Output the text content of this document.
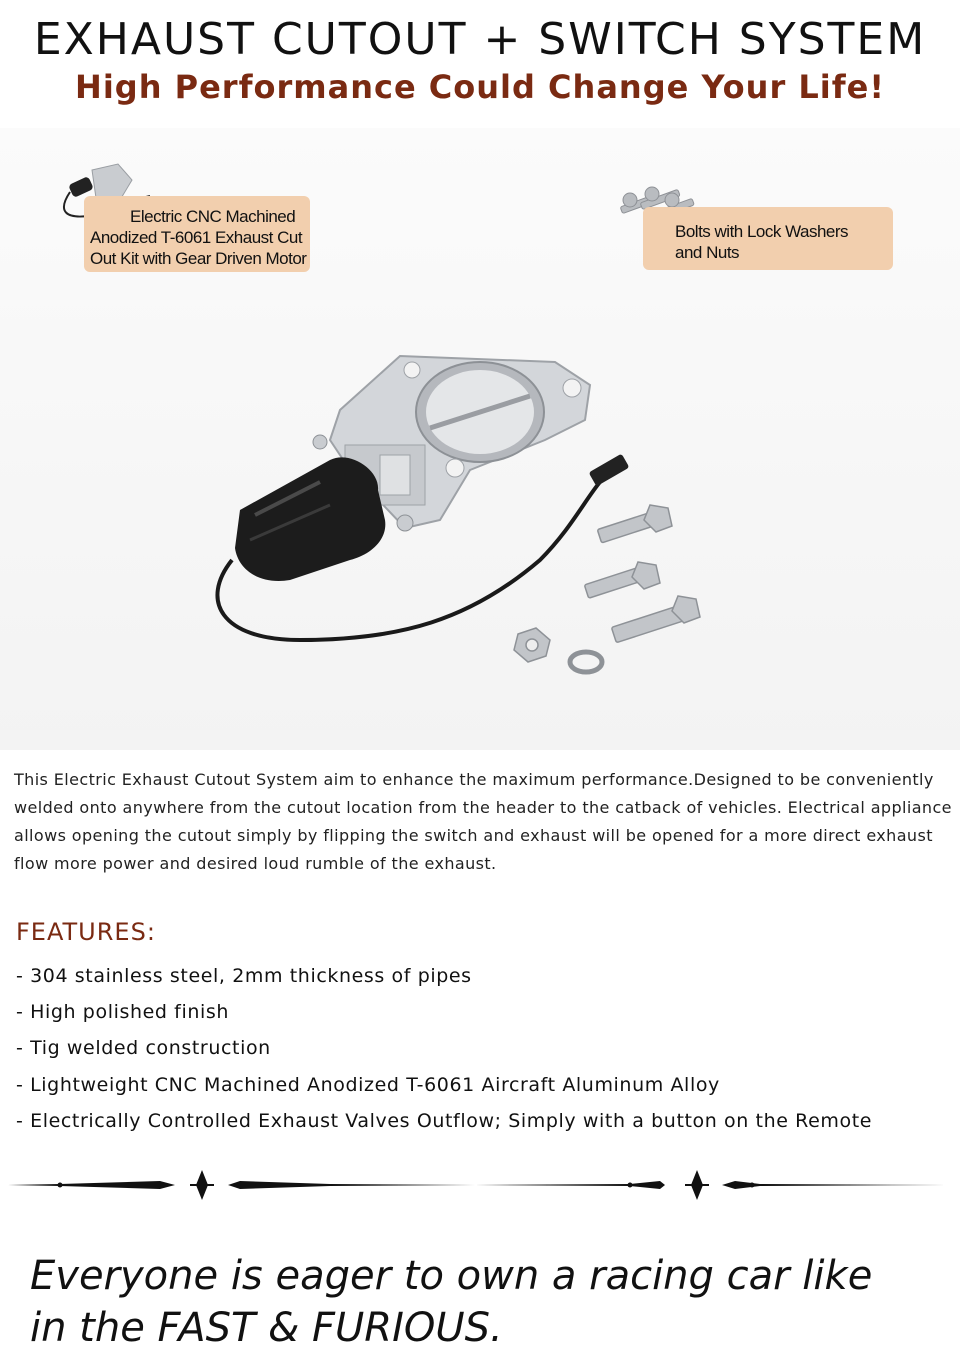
EXHAUST CUTOUT + SWITCH SYSTEM
High Performance Could Change Your Life!
Electric CNC Machined
Anodized T-6061 Exhaust Cut
Out Kit with Gear Driven Motor
Bolts with Lock Washers
and Nuts
This Electric Exhaust Cutout System aim to enhance the maximum performance.Designed to be conveniently welded onto anywhere from the cutout location from the header to the catback of vehicles. Electrical appliance allows opening the cutout simply by flipping the switch and exhaust will be opened for a more direct exhaust flow more power and desired loud rumble of the exhaust.
FEATURES:
- 304 stainless steel, 2mm thickness of pipes
- High polished finish
- Tig welded construction
- Lightweight CNC Machined Anodized T-6061 Aircraft Aluminum Alloy
- Electrically Controlled Exhaust Valves Outflow; Simply with a button on the Remote
Everyone is eager to own a racing car like
in the FAST & FURIOUS.
